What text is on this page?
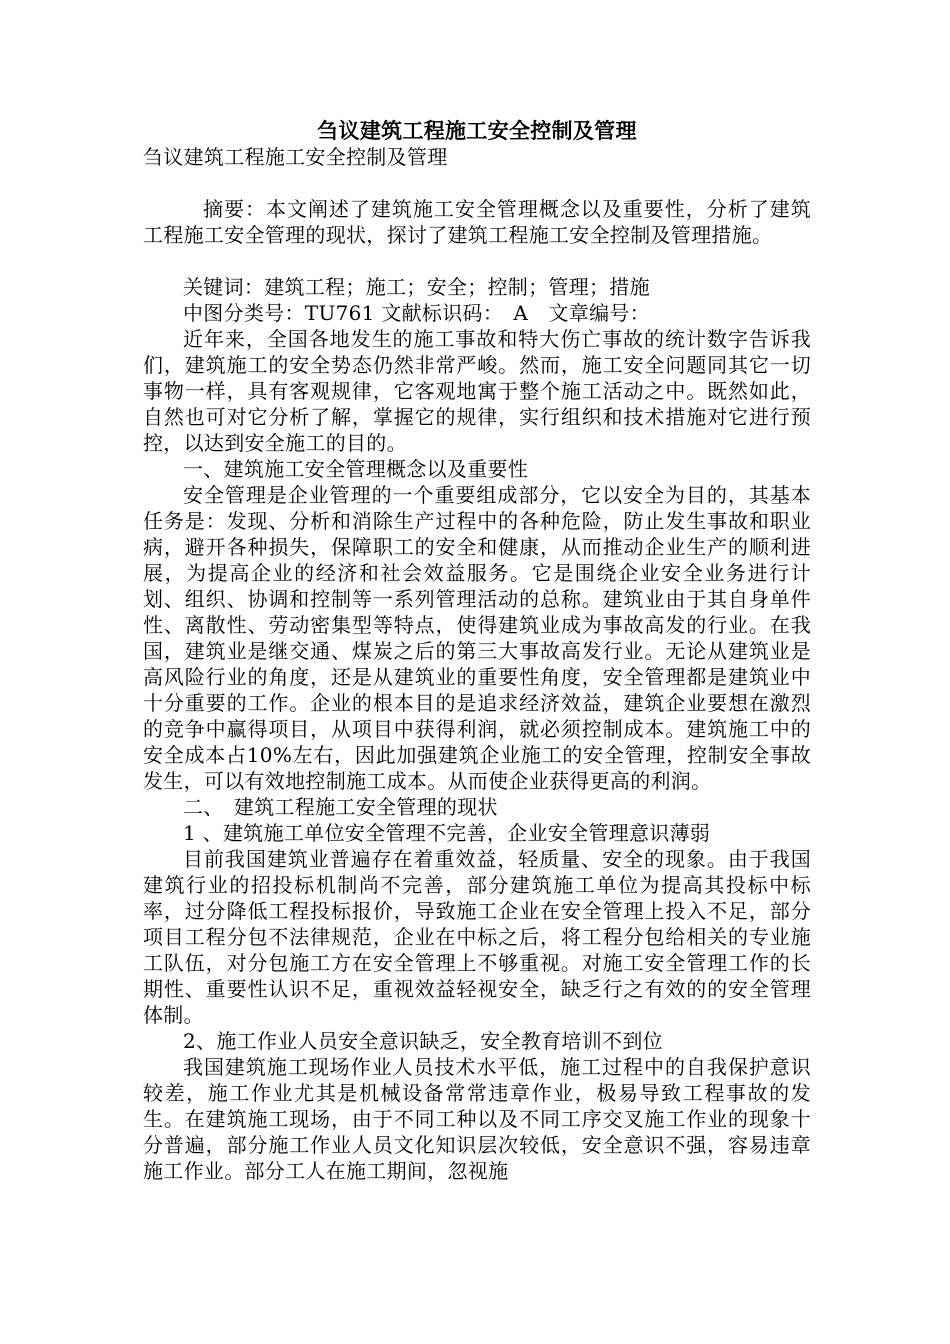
刍议建筑工程施工安全控制及管理

刍议建筑工程施工安全控制及管理

摘要：本文阐述了建筑施工安全管理概念以及重要性，分析了建筑工程施工安全管理的现状，探讨了建筑工程施工安全控制及管理措施。

关键词：建筑工程；施工；安全；控制；管理；措施

中图分类号：TU761 文献标识码：　A　文章编号：

近年来，全国各地发生的施工事故和特大伤亡事故的统计数字告诉我们，建筑施工的安全势态仍然非常严峻。然而，施工安全问题同其它一切事物一样，具有客观规律，它客观地寓于整个施工活动之中。既然如此，自然也可对它分析了解，掌握它的规律，实行组织和技术措施对它进行预控，以达到安全施工的目的。

一、建筑施工安全管理概念以及重要性

安全管理是企业管理的一个重要组成部分，它以安全为目的，其基本任务是：发现、分析和消除生产过程中的各种危险，防止发生事故和职业病，避开各种损失，保障职工的安全和健康，从而推动企业生产的顺利进展，为提高企业的经济和社会效益服务。它是围绕企业安全业务进行计划、组织、协调和控制等一系列管理活动的总称。建筑业由于其自身单件性、离散性、劳动密集型等特点，使得建筑业成为事故高发的行业。在我国，建筑业是继交通、煤炭之后的第三大事故高发行业。无论从建筑业是高风险行业的角度，还是从建筑业的重要性角度，安全管理都是建筑业中十分重要的工作。企业的根本目的是追求经济效益，建筑企业要想在激烈的竞争中赢得项目，从项目中获得利润，就必须控制成本。建筑施工中的安全成本占10%左右，因此加强建筑企业施工的安全管理，控制安全事故发生，可以有效地控制施工成本。从而使企业获得更高的利润。

二、　建筑工程施工安全管理的现状

1 、建筑施工单位安全管理不完善，企业安全管理意识薄弱

目前我国建筑业普遍存在着重效益，轻质量、安全的现象。由于我国建筑行业的招投标机制尚不完善，部分建筑施工单位为提高其投标中标率，过分降低工程投标报价，导致施工企业在安全管理上投入不足，部分项目工程分包不法律规范，企业在中标之后，将工程分包给相关的专业施工队伍，对分包施工方在安全管理上不够重视。对施工安全管理工作的长期性、重要性认识不足，重视效益轻视安全，缺乏行之有效的的安全管理体制。

2、施工作业人员安全意识缺乏，安全教育培训不到位

我国建筑施工现场作业人员技术水平低，施工过程中的自我保护意识较差，施工作业尤其是机械设备常常违章作业，极易导致工程事故的发生。在建筑施工现场，由于不同工种以及不同工序交叉施工作业的现象十分普遍，部分施工作业人员文化知识层次较低，安全意识不强，容易违章施工作业。部分工人在施工期间，忽视施
